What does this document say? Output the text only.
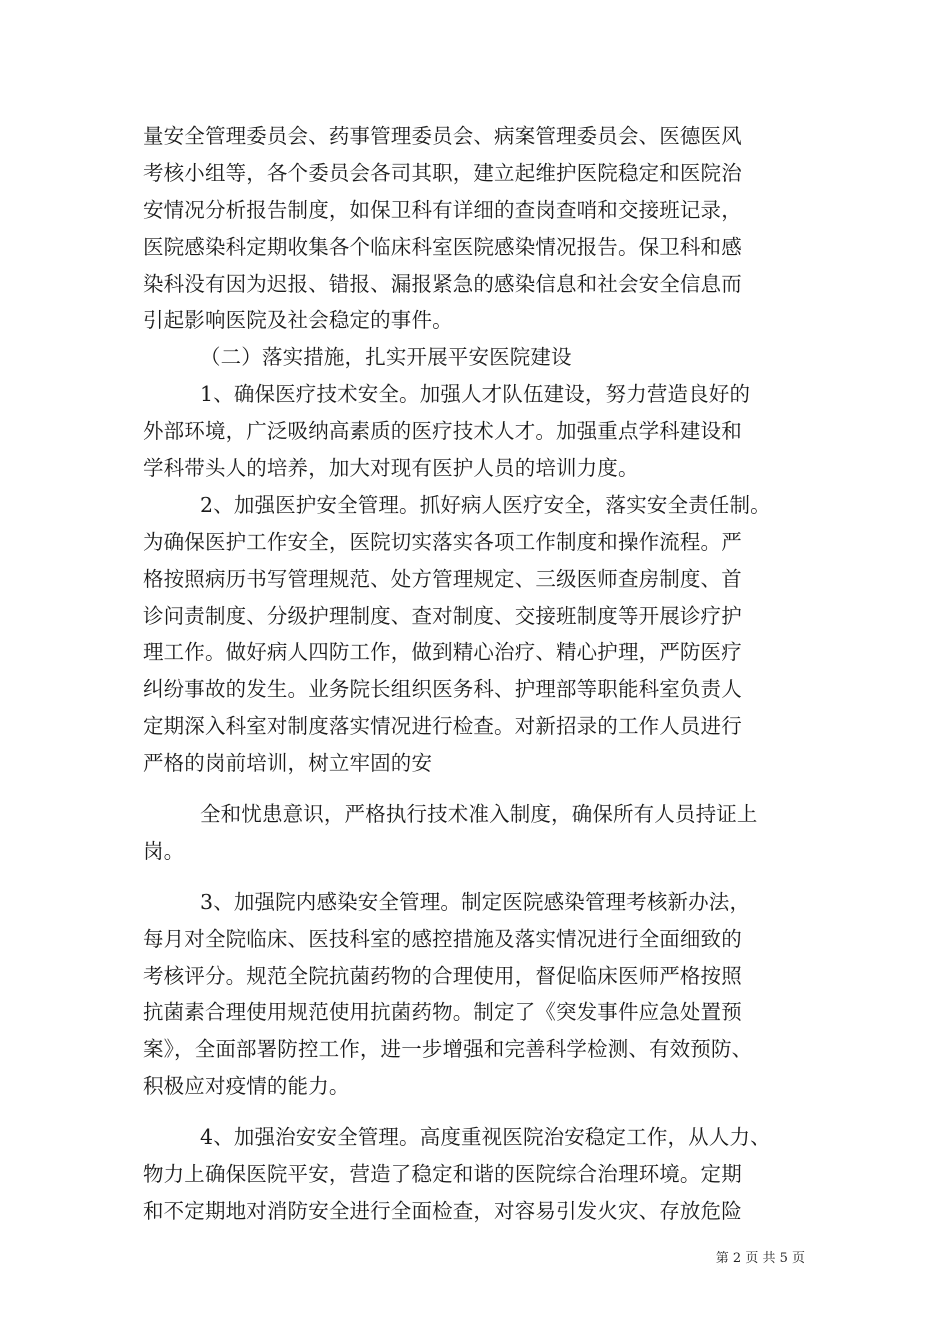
量安全管理委员会、药事管理委员会、病案管理委员会、医德医风
考核小组等，各个委员会各司其职，建立起维护医院稳定和医院治
安情况分析报告制度，如保卫科有详细的查岗查哨和交接班记录，
医院感染科定期收集各个临床科室医院感染情况报告。保卫科和感
染科没有因为迟报、错报、漏报紧急的感染信息和社会安全信息而
引起影响医院及社会稳定的事件。
（二）落实措施，扎实开展平安医院建设
1、确保医疗技术安全。加强人才队伍建设，努力营造良好的
外部环境，广泛吸纳高素质的医疗技术人才。加强重点学科建设和
学科带头人的培养，加大对现有医护人员的培训力度。
2、加强医护安全管理。抓好病人医疗安全，落实安全责任制。
为确保医护工作安全，医院切实落实各项工作制度和操作流程。严
格按照病历书写管理规范、处方管理规定、三级医师查房制度、首
诊问责制度、分级护理制度、查对制度、交接班制度等开展诊疗护
理工作。做好病人四防工作，做到精心治疗、精心护理，严防医疗
纠纷事故的发生。业务院长组织医务科、护理部等职能科室负责人
定期深入科室对制度落实情况进行检查。对新招录的工作人员进行
严格的岗前培训，树立牢固的安
全和忧患意识，严格执行技术准入制度，确保所有人员持证上
岗。
3、加强院内感染安全管理。制定医院感染管理考核新办法，
每月对全院临床、医技科室的感控措施及落实情况进行全面细致的
考核评分。规范全院抗菌药物的合理使用，督促临床医师严格按照
抗菌素合理使用规范使用抗菌药物。制定了《突发事件应急处置预
案》，全面部署防控工作，进一步增强和完善科学检测、有效预防、
积极应对疫情的能力。
4、加强治安安全管理。高度重视医院治安稳定工作，从人力、
物力上确保医院平安，营造了稳定和谐的医院综合治理环境。定期
和不定期地对消防安全进行全面检查，对容易引发火灾、存放危险
第 2 页 共 5 页
